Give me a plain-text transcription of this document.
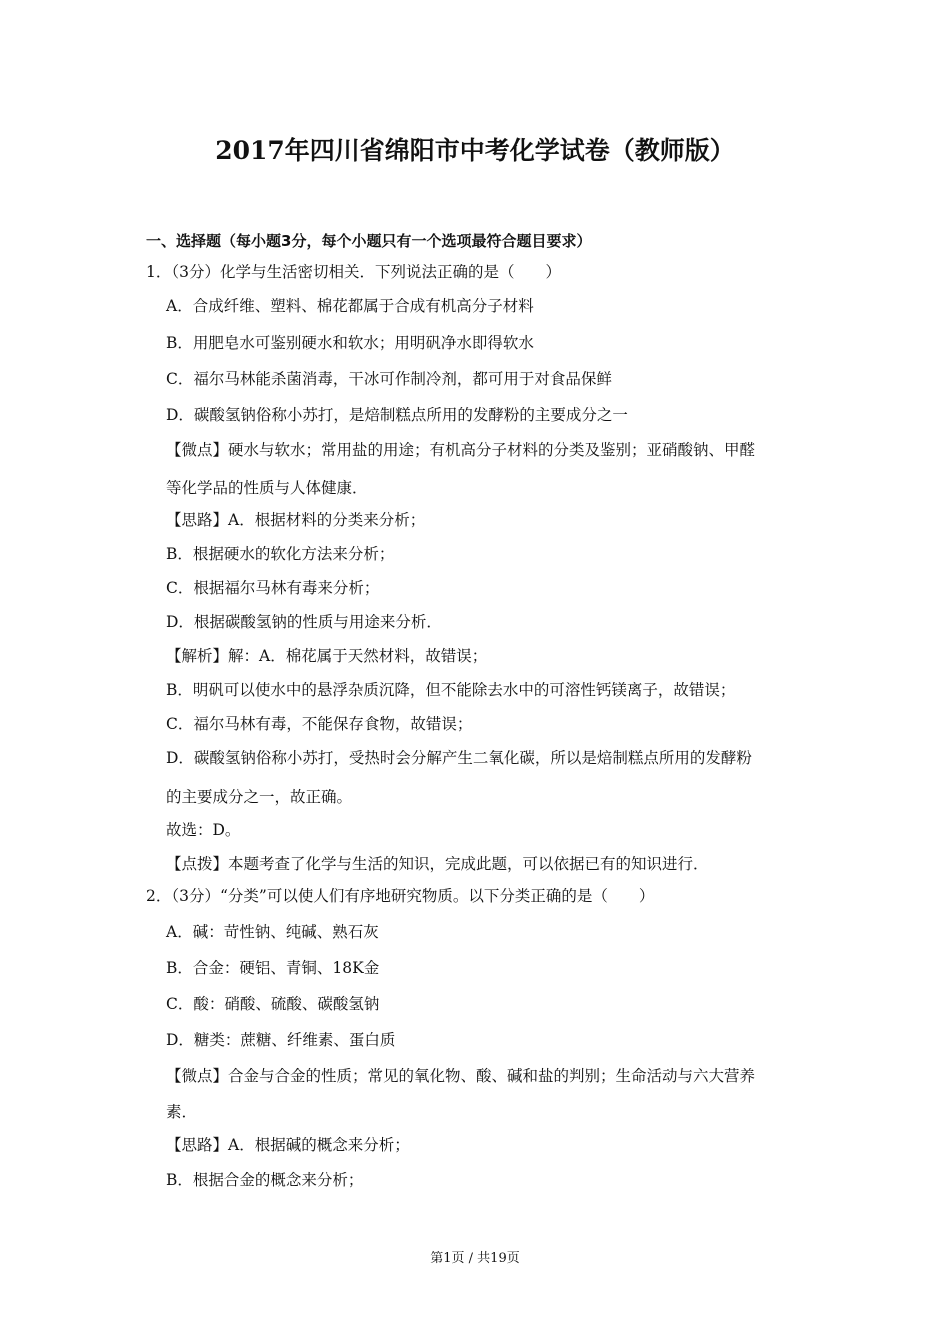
2017年四川省绵阳市中考化学试卷（教师版）
一、选择题（每小题3分，每个小题只有一个选项最符合题目要求）
1．（3分）化学与生活密切相关．下列说法正确的是（　　）
A．合成纤维、塑料、棉花都属于合成有机高分子材料
B．用肥皂水可鉴别硬水和软水；用明矾净水即得软水
C．福尔马林能杀菌消毒，干冰可作制冷剂，都可用于对食品保鲜
D．碳酸氢钠俗称小苏打，是焙制糕点所用的发酵粉的主要成分之一
【微点】硬水与软水；常用盐的用途；有机高分子材料的分类及鉴别；亚硝酸钠、甲醛
等化学品的性质与人体健康．
【思路】A．根据材料的分类来分析；
B．根据硬水的软化方法来分析；
C．根据福尔马林有毒来分析；
D．根据碳酸氢钠的性质与用途来分析．
【解析】解：A．棉花属于天然材料，故错误；
B．明矾可以使水中的悬浮杂质沉降，但不能除去水中的可溶性钙镁离子，故错误；
C．福尔马林有毒，不能保存食物，故错误；
D．碳酸氢钠俗称小苏打，受热时会分解产生二氧化碳，所以是焙制糕点所用的发酵粉
的主要成分之一，故正确。
故选：D。
【点拨】本题考查了化学与生活的知识，完成此题，可以依据已有的知识进行．
2．（3分）“分类”可以使人们有序地研究物质。以下分类正确的是（　　）
A．碱：苛性钠、纯碱、熟石灰
B．合金：硬铝、青铜、18K金
C．酸：硝酸、硫酸、碳酸氢钠
D．糖类：蔗糖、纤维素、蛋白质
【微点】合金与合金的性质；常见的氧化物、酸、碱和盐的判别；生命活动与六大营养
素．
【思路】A．根据碱的概念来分析；
B．根据合金的概念来分析；
第1页 / 共19页
